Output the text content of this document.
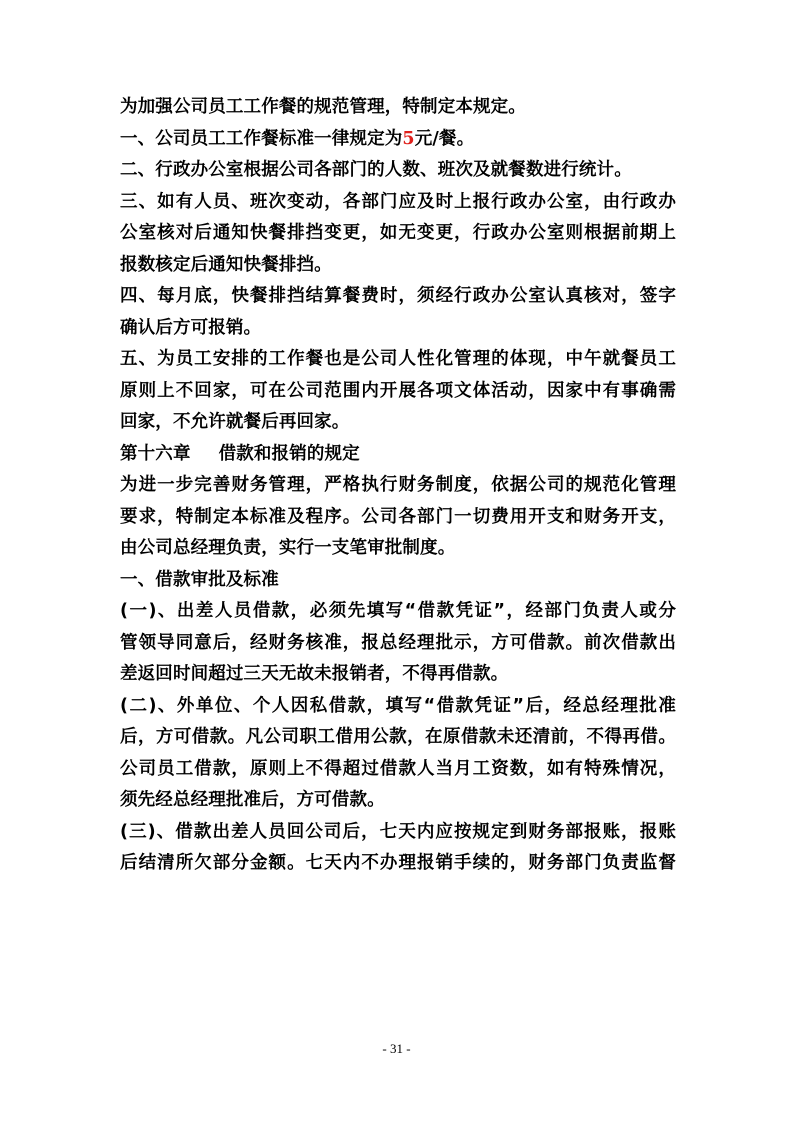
为加强公司员工工作餐的规范管理，特制定本规定。
一、公司员工工作餐标准一律规定为5元/餐。
二、行政办公室根据公司各部门的人数、班次及就餐数进行统计。
三、如有人员、班次变动，各部门应及时上报行政办公室，由行政办
公室核对后通知快餐排挡变更，如无变更，行政办公室则根据前期上
报数核定后通知快餐排挡。
四、每月底，快餐排挡结算餐费时，须经行政办公室认真核对，签字
确认后方可报销。
五、为员工安排的工作餐也是公司人性化管理的体现，中午就餐员工
原则上不回家，可在公司范围内开展各项文体活动，因家中有事确需
回家，不允许就餐后再回家。
第十六章 借款和报销的规定
为进一步完善财务管理，严格执行财务制度，依据公司的规范化管理
要求，特制定本标准及程序。公司各部门一切费用开支和财务开支，
由公司总经理负责，实行一支笔审批制度。
一、借款审批及标准
(一)、出差人员借款，必须先填写“借款凭证”，经部门负责人或分
管领导同意后，经财务核准，报总经理批示，方可借款。前次借款出
差返回时间超过三天无故未报销者，不得再借款。
(二)、外单位、个人因私借款，填写“借款凭证”后，经总经理批准
后，方可借款。凡公司职工借用公款，在原借款未还清前，不得再借。
公司员工借款，原则上不得超过借款人当月工资数，如有特殊情况，
须先经总经理批准后，方可借款。
(三)、借款出差人员回公司后，七天内应按规定到财务部报账，报账
后结清所欠部分金额。七天内不办理报销手续的，财务部门负责监督
- 31 -
